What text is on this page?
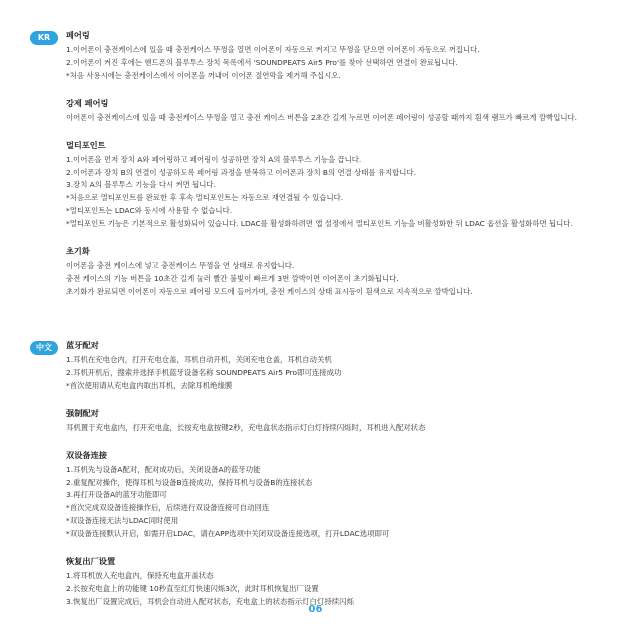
KR	페어링
1.이어폰이 충전케이스에 있을 때 충전케이스 뚜껑을 열면 이어폰이 자동으로 켜지고 뚜껑을 닫으면 이어폰이 자동으로 꺼집니다.
2.이어폰이 켜진 후에는 핸드폰의 블루투스 장치 목록에서 'SOUNDPEATS Air5 Pro'를 찾아 선택하면 연결이 완료됩니다.
*처음 사용시에는 충전케이스에서 이어폰을 꺼내어 이어폰 절연막을 제거해 주십시오.
강제 페어링
이어폰이 충전케이스에 있을 때 충전케이스 뚜껑을 열고 충전 케이스 버튼을 2초간 길게 누르면 이어폰 페어링이 성공할 때까지 흰색 램프가 빠르게 깜빡입니다.
멀티포인트
1.이어폰을 먼저 장치 A와 페어링하고 페어링이 성공하면 장치 A의 블루투스 기능을 끕니다.
2.이어폰과 장치 B의 연결이 성공하도록 페어링 과정을 반복하고 이어폰과 장치 B의 연결 상태를 유지합니다.
3.장치 A의 블루투스 기능을 다시 켜면 됩니다.
*처음으로 멀티포인트를 완료한 후 후속 멀티포인트는 자동으로 재연결될 수 있습니다.
*멀티포인트는 LDAC와 동시에 사용할 수 없습니다.
*멀티포인트 기능은 기본적으로 활성화되어 있습니다. LDAC를 활성화하려면 앱 설정에서 멀티포인트 기능을 비활성화한 뒤 LDAC 옵션을 활성화하면 됩니다.
초기화
이어폰을 충전 케이스에 넣고 충전케이스 뚜껑을 연 상태로 유지합니다.
충전 케이스의 기능 버튼을 10초간 길게 눌러 빨간 불빛이 빠르게 3번 깜박이면 이어폰이 초기화됩니다.
초기화가 완료되면 이어폰이 자동으로 페어링 모드에 들어가며, 충전 케이스의 상태 표시등이 흰색으로 지속적으로 깜박입니다.
中文	蓝牙配对
1.耳机在充电仓内，打开充电仓盖，耳机自动开机，关闭充电仓盖，耳机自动关机
2.耳机开机后，搜索并选择手机蓝牙设备名称 SOUNDPEATS Air5 Pro即可连接成功
*首次使用请从充电盒内取出耳机，去除耳机绝缘膜
强制配对
耳机置于充电盒内，打开充电盒，长按充电盒按键2秒，充电盒状态指示灯白灯持续闪烁时，耳机进入配对状态
双设备连接
1.耳机先与设备A配对，配对成功后，关闭设备A的蓝牙功能
2.重复配对操作，使得耳机与设备B连接成功，保持耳机与设备B的连接状态
3.再打开设备A的蓝牙功能即可
*首次完成双设备连接操作后，后续进行双设备连接可自动回连
*双设备连接无法与LDAC同时使用
*双设备连接默认开启，如需开启LDAC，请在APP选项中关闭双设备连接选项，打开LDAC选项即可
恢复出厂设置
1.将耳机放入充电盒内，保持充电盒开盖状态
2.长按充电盒上的功能键 10秒直至红灯快速闪烁3次，此时耳机恢复出厂设置
3.恢复出厂设置完成后，耳机会自动进入配对状态，充电盒上的状态指示灯白灯持续闪烁
06
